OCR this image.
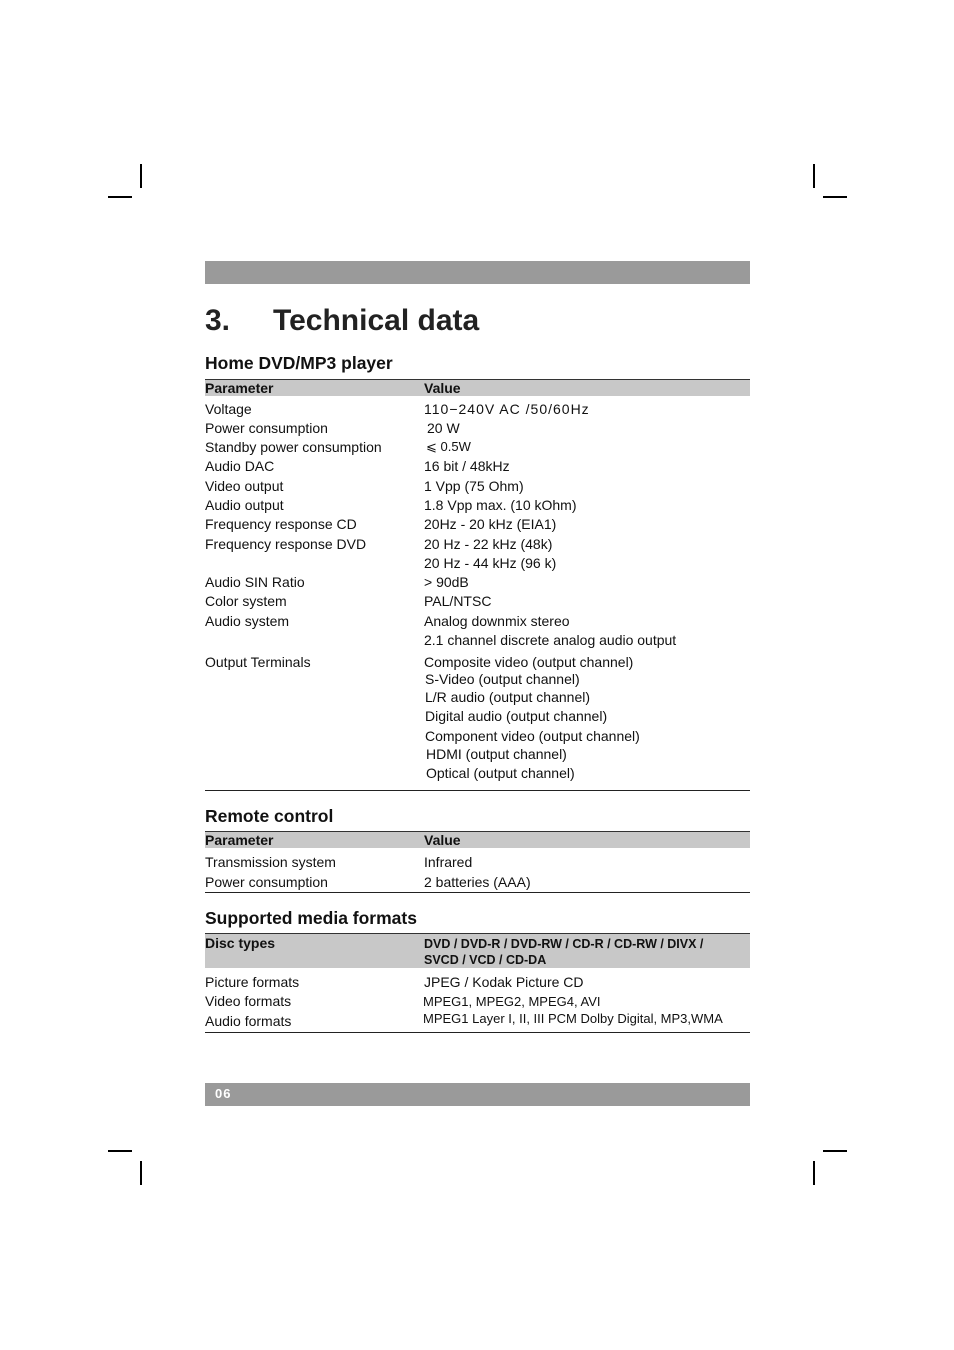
3. Technical data
Home DVD/MP3 player
Parameter	Value
Voltage	110−240V AC /50/60Hz
Power consumption	20 W
Standby power consumption	⩽ 0.5W
Audio DAC	16 bit / 48kHz
Video output	1 Vpp (75 Ohm)
Audio output	1.8 Vpp max. (10 kOhm)
Frequency response CD	20Hz - 20 kHz (EIA1)
Frequency response DVD	20 Hz - 22 kHz (48k)
20 Hz - 44 kHz (96 k)
Audio SIN Ratio	> 90dB
Color system	PAL/NTSC
Audio system	Analog downmix stereo
2.1 channel discrete analog audio output
Output Terminals	Composite video (output channel)
S-Video (output channel)
L/R audio (output channel)
Digital audio (output channel)
Component video (output channel)
HDMI (output channel)
Optical (output channel)
Remote control
Parameter	Value
Transmission system	Infrared
Power consumption	2 batteries (AAA)
Supported media formats
Disc types	DVD / DVD-R / DVD-RW / CD-R / CD-RW / DIVX /
SVCD / VCD / CD-DA
Picture formats	JPEG / Kodak Picture CD
Video formats	MPEG1, MPEG2, MPEG4, AVI
Audio formats	MPEG1 Layer I, II, III PCM Dolby Digital, MP3,WMA
06
